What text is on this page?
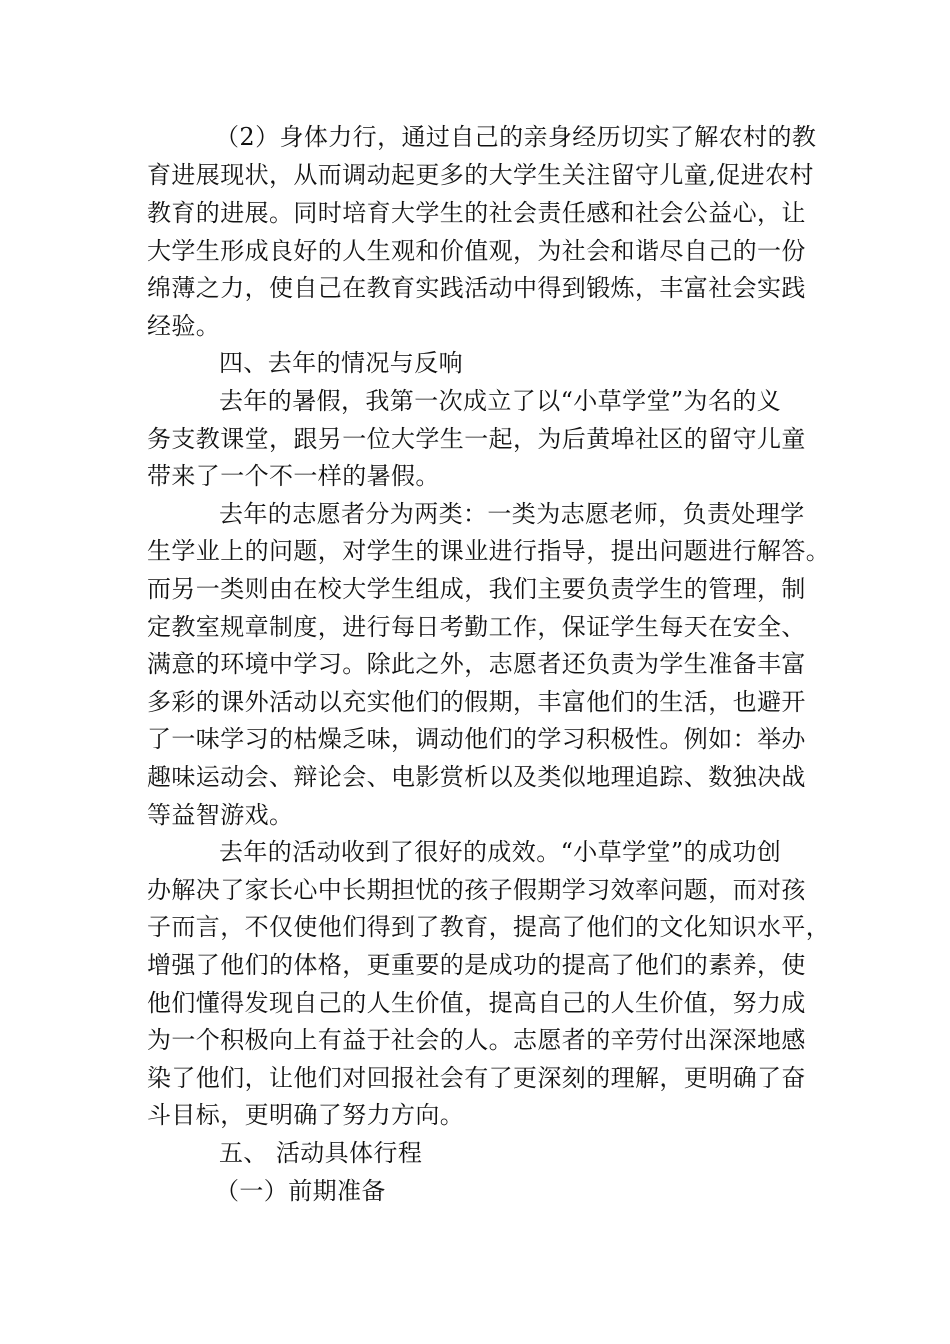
（2）身体力行，通过自己的亲身经历切实了解农村的教
育进展现状，从而调动起更多的大学生关注留守儿童,促进农村
教育的进展。同时培育大学生的社会责任感和社会公益心，让
大学生形成良好的人生观和价值观，为社会和谐尽自己的一份
绵薄之力，使自己在教育实践活动中得到锻炼，丰富社会实践
经验。
四、去年的情况与反响
去年的暑假，我第一次成立了以“小草学堂”为名的义
务支教课堂，跟另一位大学生一起，为后黄埠社区的留守儿童
带来了一个不一样的暑假。
去年的志愿者分为两类：一类为志愿老师，负责处理学
生学业上的问题，对学生的课业进行指导，提出问题进行解答。
而另一类则由在校大学生组成，我们主要负责学生的管理，制
定教室规章制度，进行每日考勤工作，保证学生每天在安全、
满意的环境中学习。除此之外，志愿者还负责为学生准备丰富
多彩的课外活动以充实他们的假期，丰富他们的生活，也避开
了一味学习的枯燥乏味，调动他们的学习积极性。例如：举办
趣味运动会、辩论会、电影赏析以及类似地理追踪、数独决战
等益智游戏。
去年的活动收到了很好的成效。“小草学堂”的成功创
办解决了家长心中长期担忧的孩子假期学习效率问题，而对孩
子而言，不仅使他们得到了教育，提高了他们的文化知识水平，
增强了他们的体格，更重要的是成功的提高了他们的素养，使
他们懂得发现自己的人生价值，提高自己的人生价值，努力成
为一个积极向上有益于社会的人。志愿者的辛劳付出深深地感
染了他们，让他们对回报社会有了更深刻的理解，更明确了奋
斗目标，更明确了努力方向。
五、 活动具体行程
（一）前期准备
